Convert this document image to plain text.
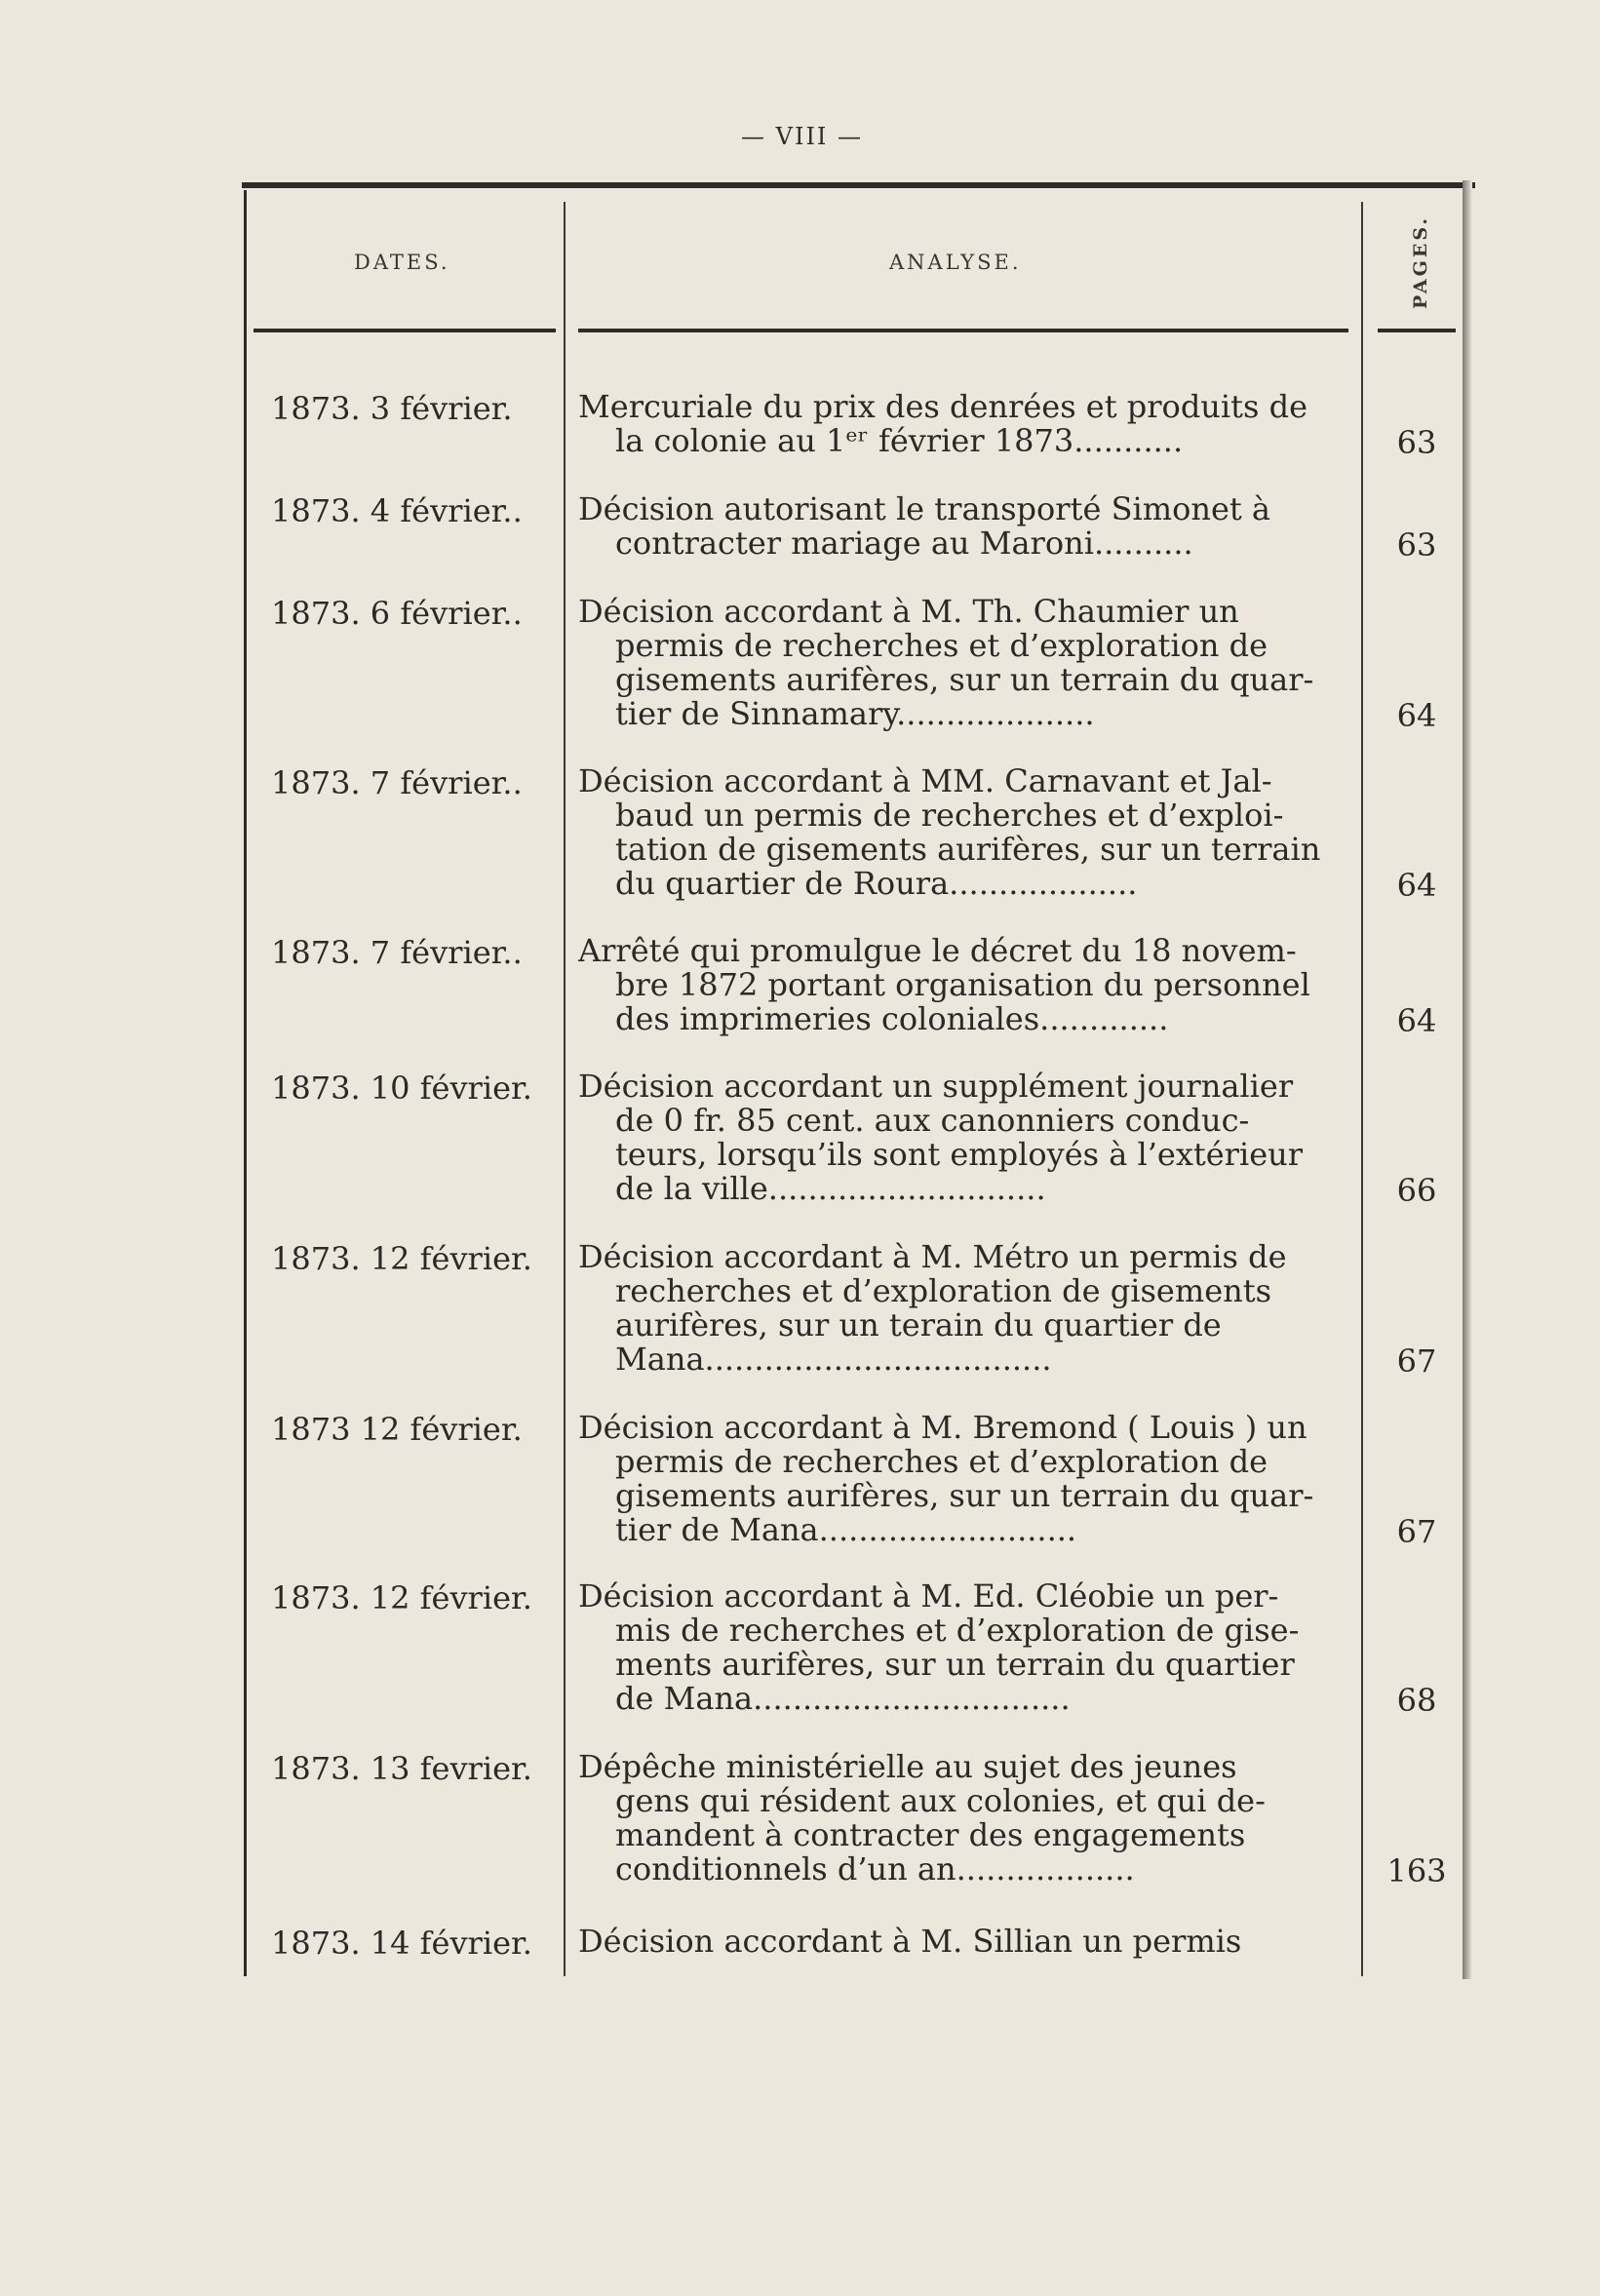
— VIII —
DATES.	ANALYSE.	PAGES.
1873. 3 février.	Mercuriale du prix des denrées et produits de
la colonie au 1ᵉʳ février 1873...........	63
1873. 4 février..	Décision autorisant le transporté Simonet à
contracter mariage au Maroni..........	63
1873. 6 février..	Décision accordant à M. Th. Chaumier un
permis de recherches et d’exploration de
gisements aurifères, sur un terrain du quar-
tier de Sinnamary....................	64
1873. 7 février..	Décision accordant à MM. Carnavant et Jal-
baud un permis de recherches et d’exploi-
tation de gisements aurifères, sur un terrain
du quartier de Roura...................	64
1873. 7 février..	Arrêté qui promulgue le décret du 18 novem-
bre 1872 portant organisation du personnel
des imprimeries coloniales.............	64
1873. 10 février.	Décision accordant un supplément journalier
de 0 fr. 85 cent. aux canonniers conduc-
teurs, lorsqu’ils sont employés à l’extérieur
de la ville............................	66
1873. 12 février.	Décision accordant à M. Métro un permis de
recherches et d’exploration de gisements
aurifères, sur un terain du quartier de
Mana...................................	67
1873 12 février.	Décision accordant à M. Bremond ( Louis ) un
permis de recherches et d’exploration de
gisements aurifères, sur un terrain du quar-
tier de Mana..........................	67
1873. 12 février.	Décision accordant à M. Ed. Cléobie un per-
mis de recherches et d’exploration de gise-
ments aurifères, sur un terrain du quartier
de Mana................................	68
1873. 13 fevrier.	Dépêche ministérielle au sujet des jeunes
gens qui résident aux colonies, et qui de-
mandent à contracter des engagements
conditionnels d’un an..................	163
1873. 14 février.	Décision accordant à M. Sillian un permis
